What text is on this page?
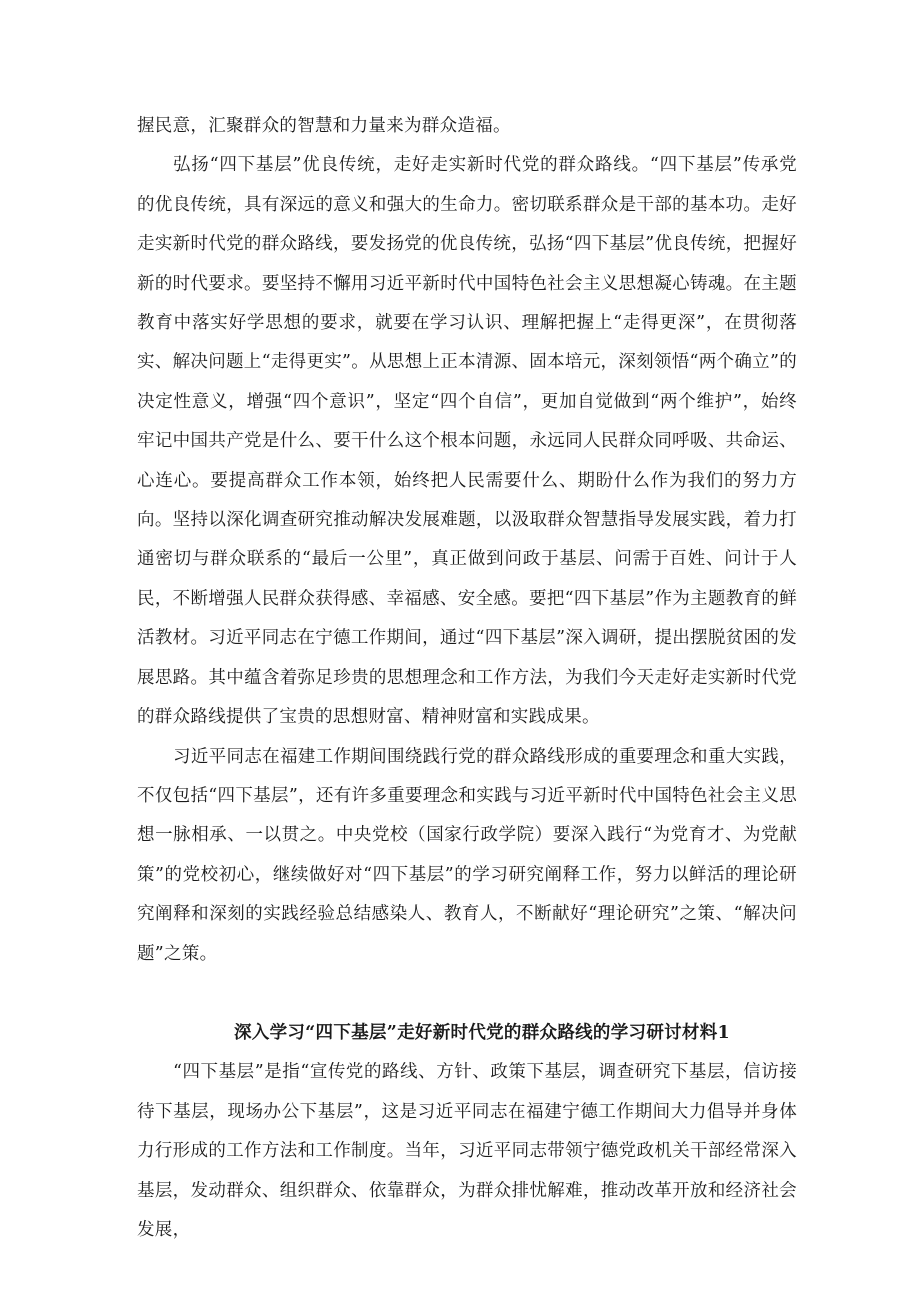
握民意，汇聚群众的智慧和力量来为群众造福。

弘扬“四下基层”优良传统，走好走实新时代党的群众路线。“四下基层”传承党的优良传统，具有深远的意义和强大的生命力。密切联系群众是干部的基本功。走好走实新时代党的群众路线，要发扬党的优良传统，弘扬“四下基层”优良传统，把握好新的时代要求。要坚持不懈用习近平新时代中国特色社会主义思想凝心铸魂。在主题教育中落实好学思想的要求，就要在学习认识、理解把握上“走得更深”，在贯彻落实、解决问题上“走得更实”。从思想上正本清源、固本培元，深刻领悟“两个确立”的决定性意义，增强“四个意识”，坚定“四个自信”，更加自觉做到“两个维护”，始终牢记中国共产党是什么、要干什么这个根本问题，永远同人民群众同呼吸、共命运、心连心。要提高群众工作本领，始终把人民需要什么、期盼什么作为我们的努力方向。坚持以深化调查研究推动解决发展难题，以汲取群众智慧指导发展实践，着力打通密切与群众联系的“最后一公里”，真正做到问政于基层、问需于百姓、问计于人民，不断增强人民群众获得感、幸福感、安全感。要把“四下基层”作为主题教育的鲜活教材。习近平同志在宁德工作期间，通过“四下基层”深入调研，提出摆脱贫困的发展思路。其中蕴含着弥足珍贵的思想理念和工作方法，为我们今天走好走实新时代党的群众路线提供了宝贵的思想财富、精神财富和实践成果。

习近平同志在福建工作期间围绕践行党的群众路线形成的重要理念和重大实践，不仅包括“四下基层”，还有许多重要理念和实践与习近平新时代中国特色社会主义思想一脉相承、一以贯之。中央党校（国家行政学院）要深入践行“为党育才、为党献策”的党校初心，继续做好对“四下基层”的学习研究阐释工作，努力以鲜活的理论研究阐释和深刻的实践经验总结感染人、教育人，不断献好“理论研究”之策、“解决问题”之策。

深入学习“四下基层”走好新时代党的群众路线的学习研讨材料1

“四下基层”是指“宣传党的路线、方针、政策下基层，调查研究下基层，信访接待下基层，现场办公下基层”，这是习近平同志在福建宁德工作期间大力倡导并身体力行形成的工作方法和工作制度。当年，习近平同志带领宁德党政机关干部经常深入基层，发动群众、组织群众、依靠群众，为群众排忧解难，推动改革开放和经济社会发展，
